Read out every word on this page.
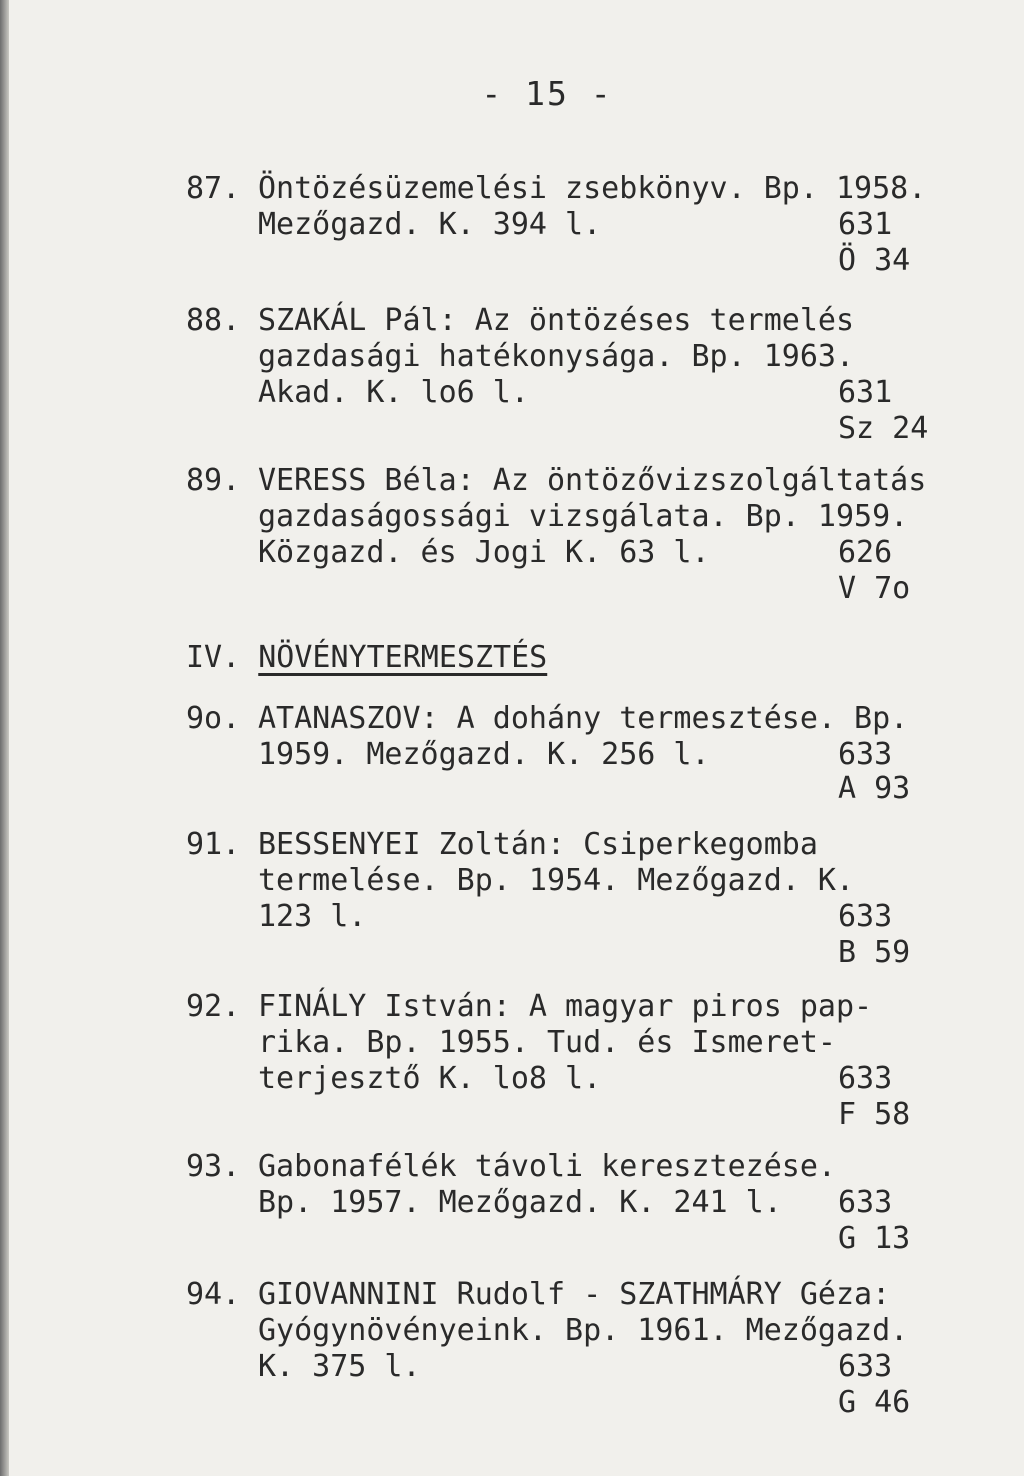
- 15 -
87. Öntözésüzemelési zsebkönyv. Bp. 1958.
Mezőgazd. K. 394 l.	631
Ö 34
88. SZAKÁL Pál: Az öntözéses termelés
gazdasági hatékonysága. Bp. 1963.
Akad. K. lo6 l.	631
Sz 24
89. VERESS Béla: Az öntözővizszolgáltatás
gazdaságossági vizsgálata. Bp. 1959.
Közgazd. és Jogi K. 63 l.	626
V 7o
IV. NÖVÉNYTERMESZTÉS
9o. ATANASZOV: A dohány termesztése. Bp.
1959. Mezőgazd. K. 256 l.	633
A 93
91. BESSENYEI Zoltán: Csiperkegomba
termelése. Bp. 1954. Mezőgazd. K.
123 l.	633
B 59
92. FINÁLY István: A magyar piros pap-
rika. Bp. 1955. Tud. és Ismeret-
terjesztő K. lo8 l.	633
F 58
93. Gabonafélék távoli keresztezése.
Bp. 1957. Mezőgazd. K. 241 l. 633
G 13
94. GIOVANNINI Rudolf - SZATHMÁRY Géza:
Gyógynövényeink. Bp. 1961. Mezőgazd.
K. 375 l.	633
G 46
